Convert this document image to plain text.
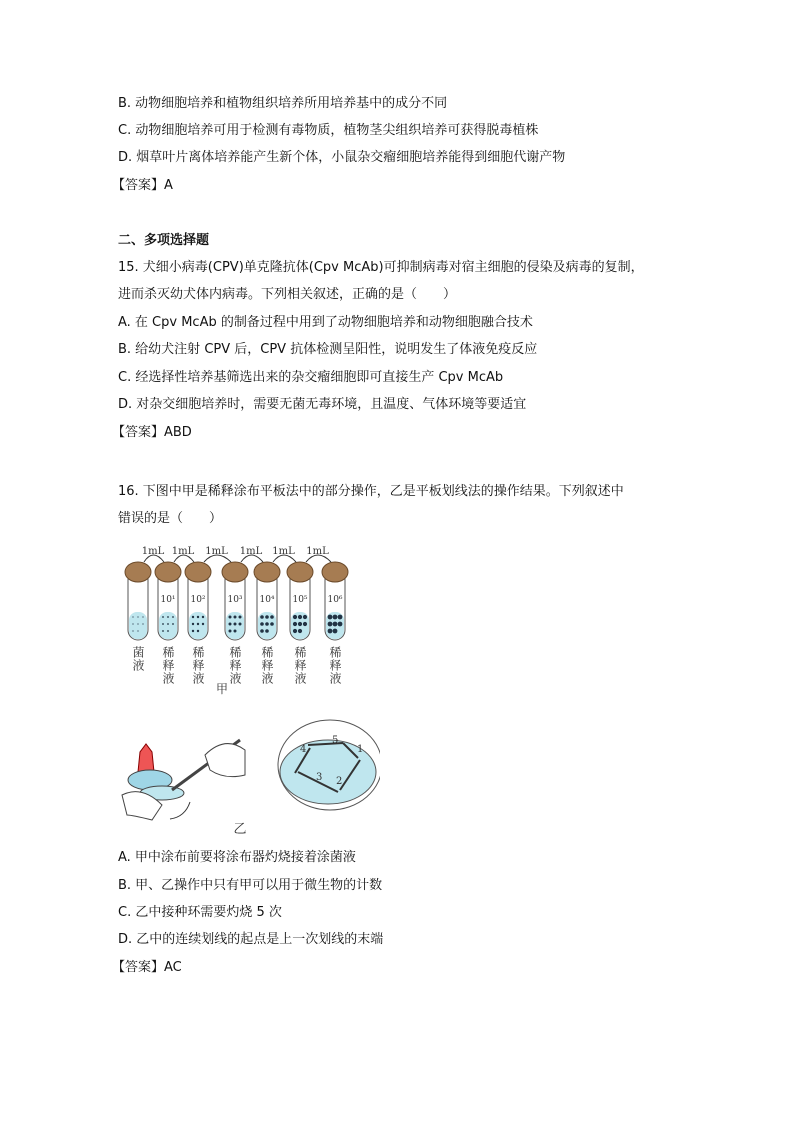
B. 动物细胞培养和植物组织培养所用培养基中的成分不同
C. 动物细胞培养可用于检测有毒物质，植物茎尖组织培养可获得脱毒植株
D. 烟草叶片离体培养能产生新个体，小鼠杂交瘤细胞培养能得到细胞代谢产物
【答案】A
二、多项选择题
15. 犬细小病毒(CPV)单克隆抗体(Cpv McAb)可抑制病毒对宿主细胞的侵染及病毒的复制，
进而杀灭幼犬体内病毒。下列相关叙述，正确的是（　　）
A. 在 Cpv McAb 的制备过程中用到了动物细胞培养和动物细胞融合技术
B. 给幼犬注射 CPV 后，CPV 抗体检测呈阳性，说明发生了体液免疫反应
C. 经选择性培养基筛选出来的杂交瘤细胞即可直接生产 Cpv McAb
D. 对杂交细胞培养时，需要无菌无毒环境，且温度、气体环境等要适宜
【答案】ABD
16. 下图中甲是稀释涂布平板法中的部分操作，乙是平板划线法的操作结果。下列叙述中
错误的是（　　）
1mL
10¹
1mL
10²
1mL
10³
1mL
10⁴
1mL
10⁵
1mL
10⁶
甲
乙
1
2
3
4
5
菌液 稀释液 稀释液 稀释液 稀释液 稀释液 稀释液
A. 甲中涂布前要将涂布器灼烧接着涂菌液
B. 甲、乙操作中只有甲可以用于微生物的计数
C. 乙中接种环需要灼烧 5 次
D. 乙中的连续划线的起点是上一次划线的末端
【答案】AC
